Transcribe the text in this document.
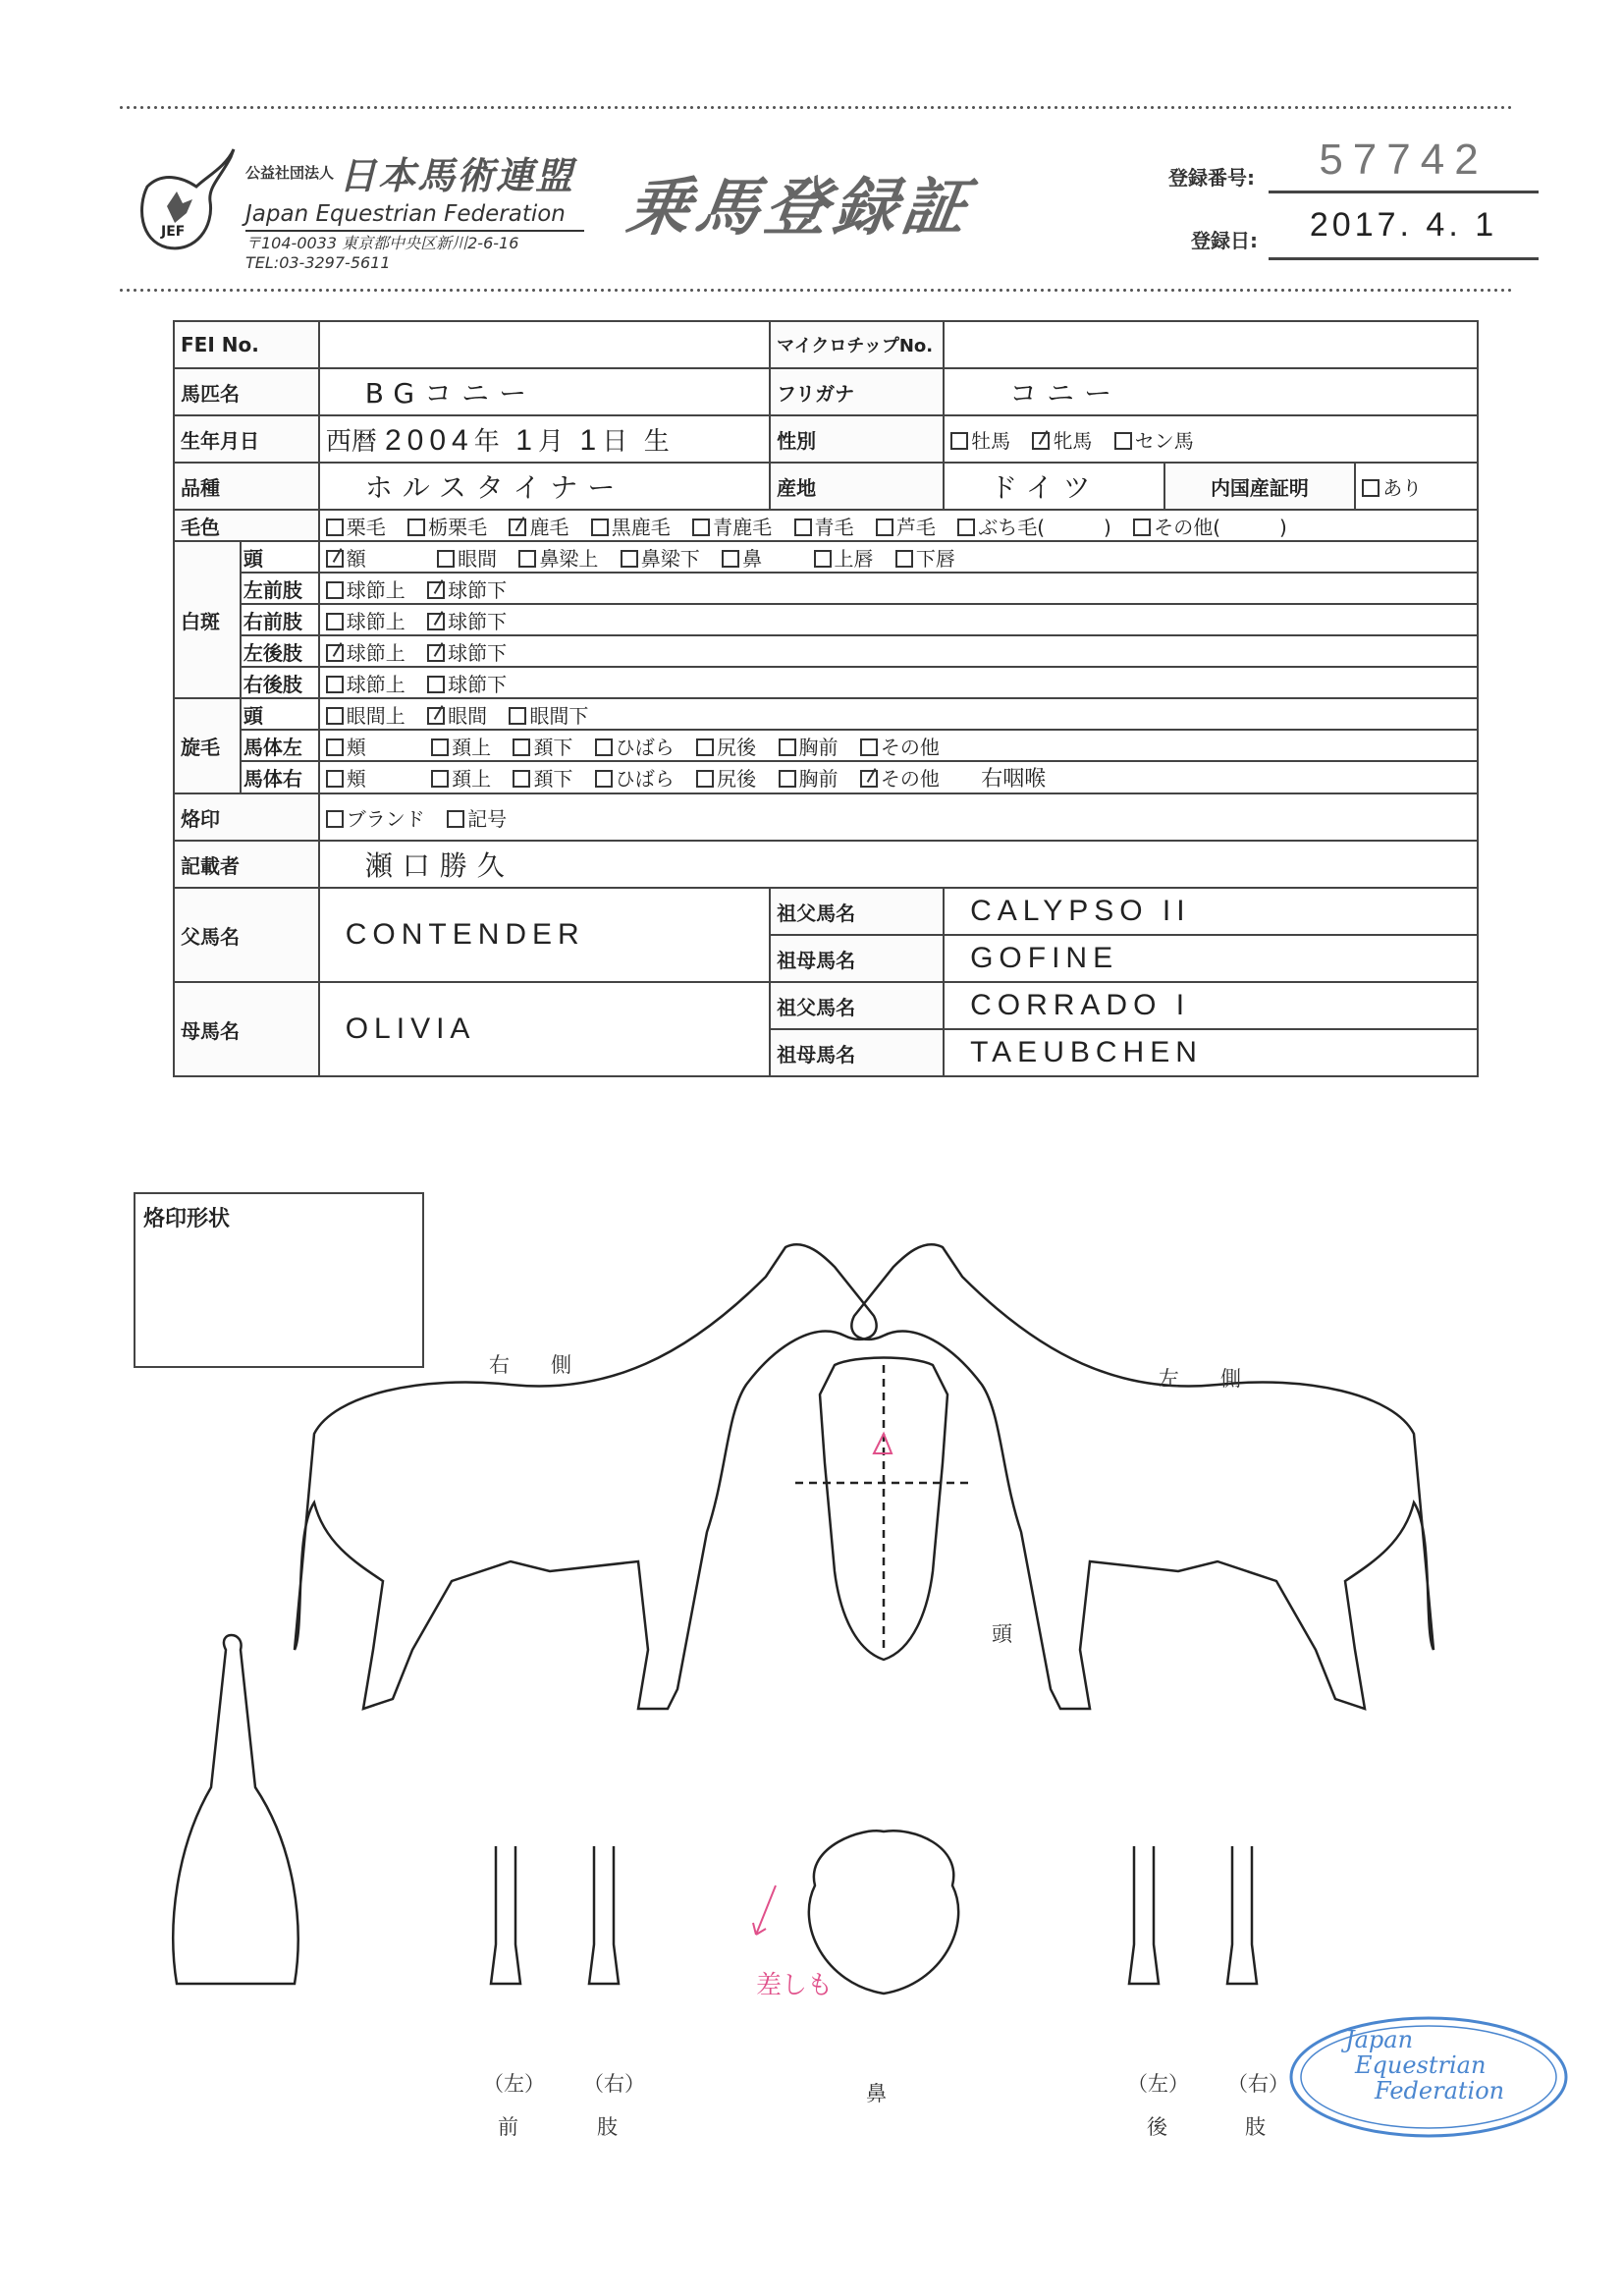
JEF
公益社団法人 日本馬術連盟
Japan Equestrian Federation
〒104-0033 東京都中央区新川2-6-16
TEL:03-3297-5611
乗馬登録証	登録番号:	57742
登録日:	2017. 4. 1
FEI No.			マイクロチップNo.			
馬匹名		BGコニー	フリガナ	コニー		
生年月日		西暦 2004年 1月 1日 生	性別	牡馬 牝馬 セン馬		
品種		ホルスタイナー	産地	ドイツ	内国産証明	あり
毛色		栗毛 栃栗毛 鹿毛 黒鹿毛 青鹿毛 青毛 芦毛 ぶち毛(　　　) その他(　　　)				
白斑	頭	額 眼間 鼻梁上 鼻梁下 鼻 上唇 下唇				
	左前肢	球節上 球節下				
	右前肢	球節上 球節下				
	左後肢	球節上 球節下				
	右後肢	球節上 球節下				
旋毛	頭	眼間上 眼間 眼間下				
	馬体左	頬 頚上 頚下 ひばら 尻後 胸前 その他				
	馬体右	頬 頚上 頚下 ひばら 尻後 胸前 その他 右咽喉				
烙印		ブランド 記号				
記載者		瀬口勝久				
父馬名		CONTENDER	祖父馬名	CALYPSO II		
			祖母馬名	GOFINE		
母馬名		OLIVIA	祖父馬名	CORRADO I		
			祖母馬名	TAEUBCHEN		
烙印形状
差しも
右　　側
左　　側
頭
鼻
（左） （右）
前	肢
（左） （右）
後	肢
Japan
Equestrian
Federation
